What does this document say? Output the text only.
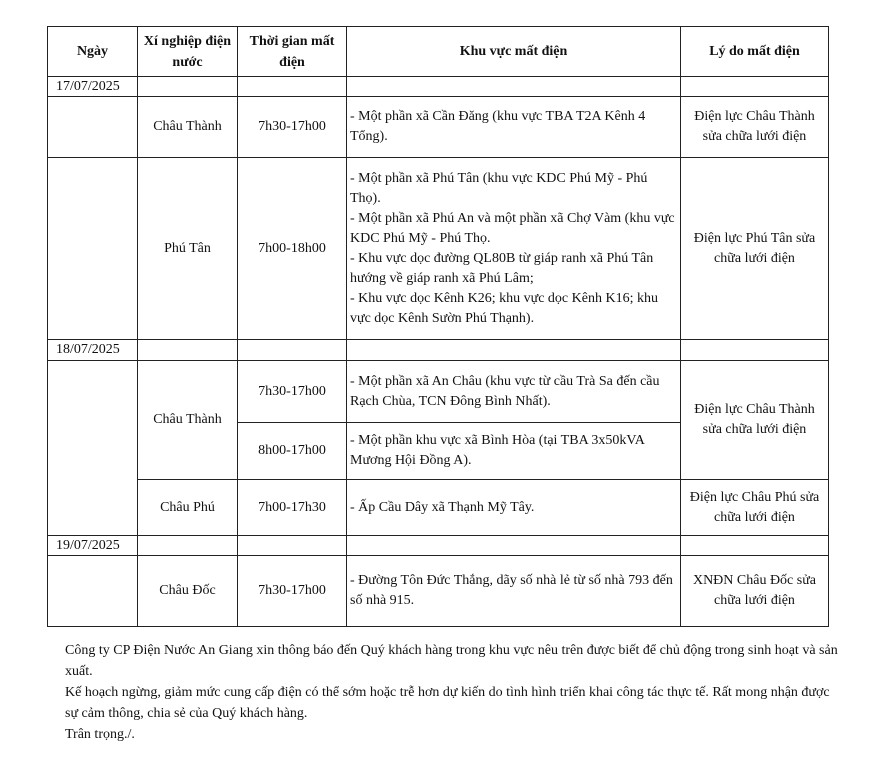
Ngày	Xí nghiệp điện nước	Thời gian mất điện	Khu vực mất điện	Lý do mất điện
17/07/2025				
	Châu Thành	7h30-17h00	- Một phần xã Cần Đăng (khu vực TBA T2A Kênh 4 Tổng).	Điện lực Châu Thành sửa chữa lưới điện
	Phú Tân	7h00-18h00	- Một phần xã Phú Tân (khu vực KDC Phú Mỹ - Phú Thọ).
- Một phần xã Phú An và một phần xã Chợ Vàm (khu vực KDC Phú Mỹ - Phú Thọ.
- Khu vực dọc đường QL80B từ giáp ranh xã Phú Tân hướng về giáp ranh xã Phú Lâm;
- Khu vực dọc Kênh K26; khu vực dọc Kênh K16; khu vực dọc Kênh Sườn Phú Thạnh).	Điện lực Phú Tân sửa chữa lưới điện
18/07/2025				
	Châu Thành	7h30-17h00	- Một phần xã An Châu (khu vực từ cầu Trà Sa đến cầu Rạch Chùa, TCN Đông Bình Nhất).	Điện lực Châu Thành sửa chữa lưới điện
		8h00-17h00	- Một phần khu vực xã Bình Hòa (tại TBA 3x50kVA Mương Hội Đồng A).	

	Châu Phú	7h00-17h30	- Ấp Cầu Dây xã Thạnh Mỹ Tây.	Điện lực Châu Phú sửa chữa lưới điện
19/07/2025				
	Châu Đốc	7h30-17h00	- Đường Tôn Đức Thắng, dãy số nhà lẻ từ số nhà 793 đến số nhà 915.	XNĐN Châu Đốc sửa chữa lưới điện

Công ty CP Điện Nước An Giang xin thông báo đến Quý khách hàng trong khu vực nêu trên được biết để chủ động trong sinh hoạt và sản xuất.

Kế hoạch ngừng, giảm mức cung cấp điện có thể sớm hoặc trễ hơn dự kiến do tình hình triển khai công tác thực tế. Rất mong nhận được sự cảm thông, chia sẻ của Quý khách hàng.

Trân trọng./.
